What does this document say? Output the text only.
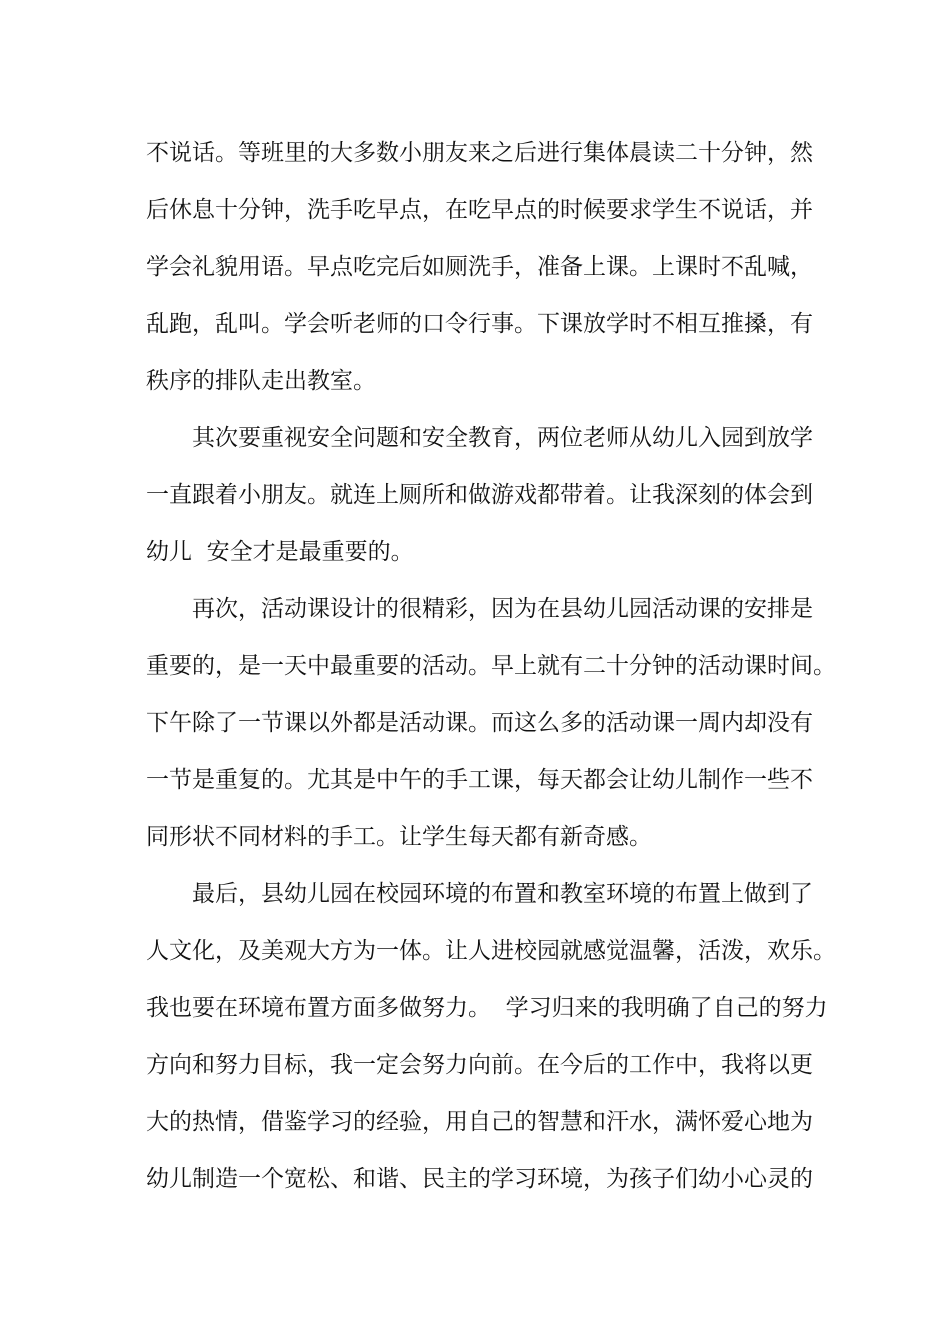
不说话。等班里的大多数小朋友来之后进行集体晨读二十分钟，然
后休息十分钟，洗手吃早点，在吃早点的时候要求学生不说话，并
学会礼貌用语。早点吃完后如厕洗手，准备上课。上课时不乱喊，
乱跑，乱叫。学会听老师的口令行事。下课放学时不相互推搡，有
秩序的排队走出教室。
其次要重视安全问题和安全教育，两位老师从幼儿入园到放学
一直跟着小朋友。就连上厕所和做游戏都带着。让我深刻的体会到
幼儿  安全才是最重要的。
再次，活动课设计的很精彩，因为在县幼儿园活动课的安排是
重要的，是一天中最重要的活动。早上就有二十分钟的活动课时间。
下午除了一节课以外都是活动课。而这么多的活动课一周内却没有
一节是重复的。尤其是中午的手工课，每天都会让幼儿制作一些不
同形状不同材料的手工。让学生每天都有新奇感。
最后，县幼儿园在校园环境的布置和教室环境的布置上做到了
人文化，及美观大方为一体。让人进校园就感觉温馨，活泼，欢乐。
我也要在环境布置方面多做努力。  学习归来的我明确了自己的努力
方向和努力目标，我一定会努力向前。在今后的工作中，我将以更
大的热情，借鉴学习的经验，用自己的智慧和汗水，满怀爱心地为
幼儿制造一个宽松、和谐、民主的学习环境，为孩子们幼小心灵的
